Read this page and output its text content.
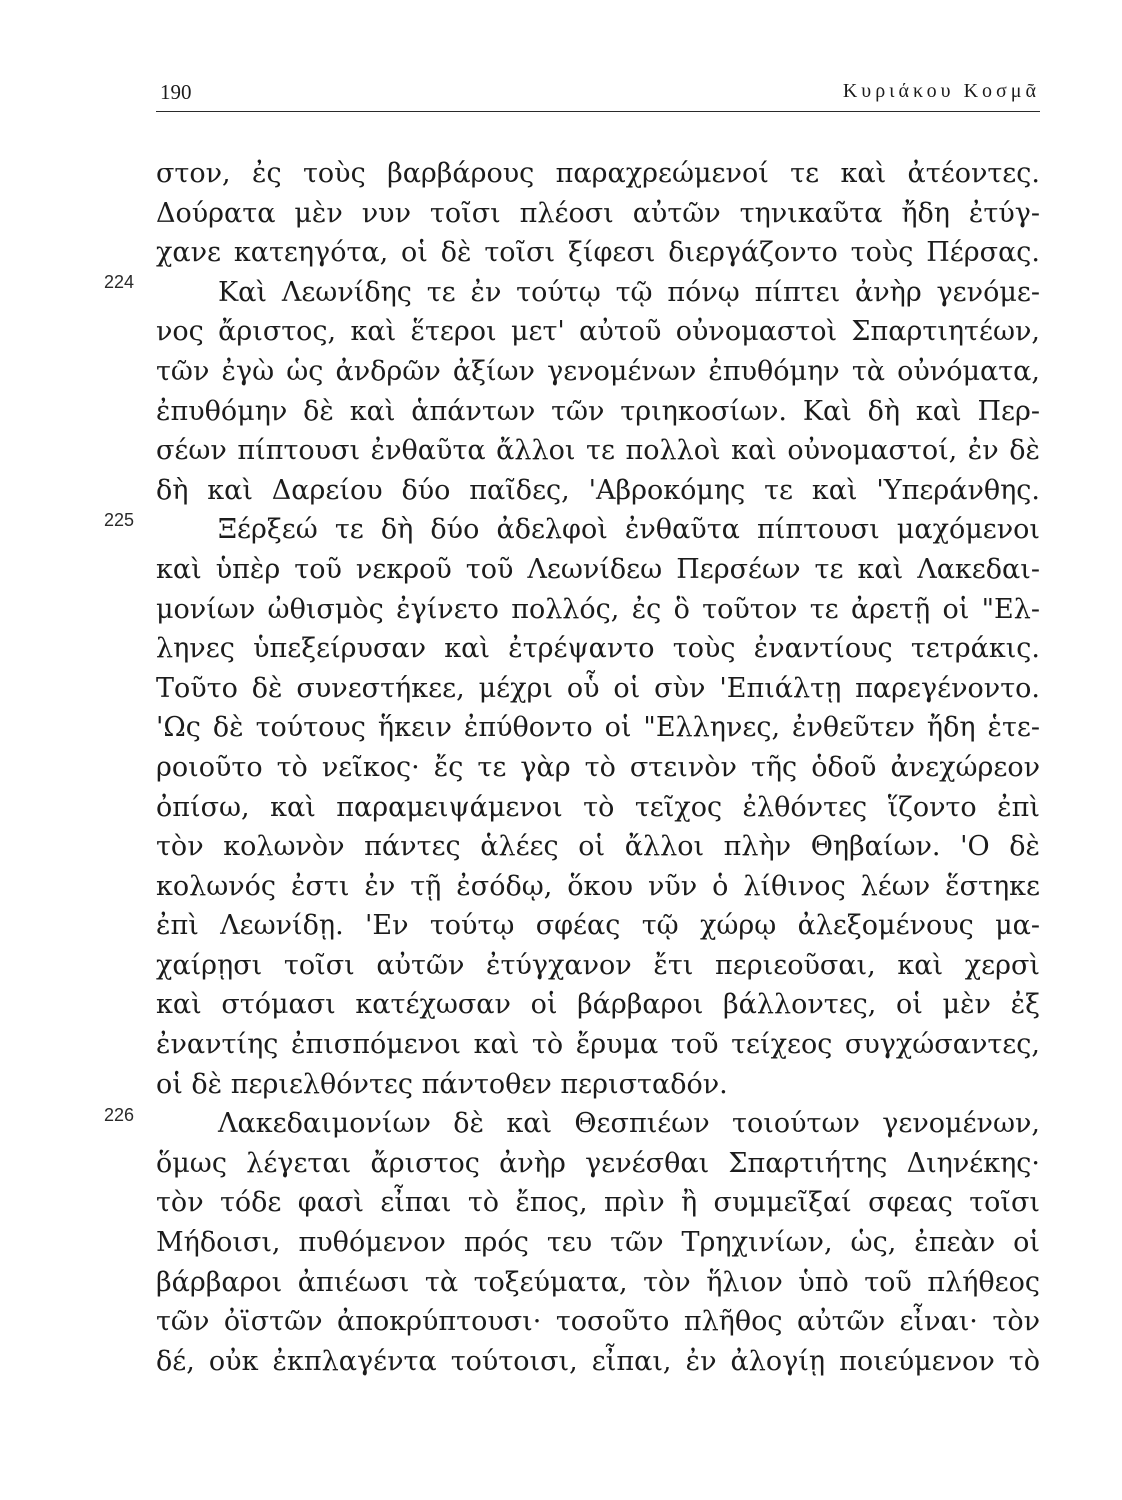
190	Κυριάκου Κοσμᾶ
στον, ἐς τοὺς βαρβάρους παραχρεώμενοί τε καὶ ἀτέοντες.
Δούρατα μὲν νυν τοῖσι πλέοσι αὐτῶν τηνικαῦτα ἤδη ἐτύγ-
χανε κατεηγότα, οἱ δὲ τοῖσι ξίφεσι διεργάζοντο τοὺς Πέρσας.
Καὶ Λεωνίδης τε ἐν τούτῳ τῷ πόνῳ πίπτει ἀνὴρ γενόμε-
νος ἄριστος, καὶ ἕτεροι μετ' αὐτοῦ οὐνομαστοὶ Σπαρτιητέων,
τῶν ἐγὼ ὡς ἀνδρῶν ἀξίων γενομένων ἐπυθόμην τὰ οὐνόματα,
ἐπυθόμην δὲ καὶ ἁπάντων τῶν τριηκοσίων. Καὶ δὴ καὶ Περ-
σέων πίπτουσι ἐνθαῦτα ἄλλοι τε πολλοὶ καὶ οὐνομαστοί, ἐν δὲ
δὴ καὶ Δαρείου δύο παῖδες, 'Αβροκόμης τε καὶ 'Υπεράνθης.
Ξέρξεώ τε δὴ δύο ἀδελφοὶ ἐνθαῦτα πίπτουσι μαχόμενοι
καὶ ὑπὲρ τοῦ νεκροῦ τοῦ Λεωνίδεω Περσέων τε καὶ Λακεδαι-
μονίων ὠθισμὸς ἐγίνετο πολλός, ἐς ὃ τοῦτον τε ἀρετῇ οἱ "Ελ-
ληνες ὑπεξείρυσαν καὶ ἐτρέψαντο τοὺς ἐναντίους τετράκις.
Τοῦτο δὲ συνεστήκεε, μέχρι οὗ οἱ σὺν 'Επιάλτῃ παρεγένοντο.
'Ως δὲ τούτους ἥκειν ἐπύθοντο οἱ "Ελληνες, ἐνθεῦτεν ἤδη ἑτε-
ροιοῦτο τὸ νεῖκος· ἔς τε γὰρ τὸ στεινὸν τῆς ὁδοῦ ἀνεχώρεον
ὀπίσω, καὶ παραμειψάμενοι τὸ τεῖχος ἐλθόντες ἵζοντο ἐπὶ
τὸν κολωνὸν πάντες ἁλέες οἱ ἄλλοι πλὴν Θηβαίων. 'Ο δὲ
κολωνός ἐστι ἐν τῇ ἐσόδῳ, ὅκου νῦν ὁ λίθινος λέων ἕστηκε
ἐπὶ Λεωνίδῃ. 'Εν τούτῳ σφέας τῷ χώρῳ ἀλεξομένους μα-
χαίρῃσι τοῖσι αὐτῶν ἐτύγχανον ἔτι περιεοῦσαι, καὶ χερσὶ
καὶ στόμασι κατέχωσαν οἱ βάρβαροι βάλλοντες, οἱ μὲν ἐξ
ἐναντίης ἐπισπόμενοι καὶ τὸ ἔρυμα τοῦ τείχεος συγχώσαντες,
οἱ δὲ περιελθόντες πάντοθεν περισταδόν.
Λακεδαιμονίων δὲ καὶ Θεσπιέων τοιούτων γενομένων,
ὅμως λέγεται ἄριστος ἀνὴρ γενέσθαι Σπαρτιήτης Διηνέκης·
τὸν τόδε φασὶ εἶπαι τὸ ἔπος, πρὶν ἢ συμμεῖξαί σφεας τοῖσι
Μήδοισι, πυθόμενον πρός τευ τῶν Τρηχινίων, ὡς, ἐπεὰν οἱ
βάρβαροι ἀπιέωσι τὰ τοξεύματα, τὸν ἥλιον ὑπὸ τοῦ πλήθεος
τῶν ὀϊστῶν ἀποκρύπτουσι· τοσοῦτο πλῆθος αὐτῶν εἶναι· τὸν
δέ, οὐκ ἐκπλαγέντα τούτοισι, εἶπαι, ἐν ἀλογίῃ ποιεύμενον τὸ
224
225
226
